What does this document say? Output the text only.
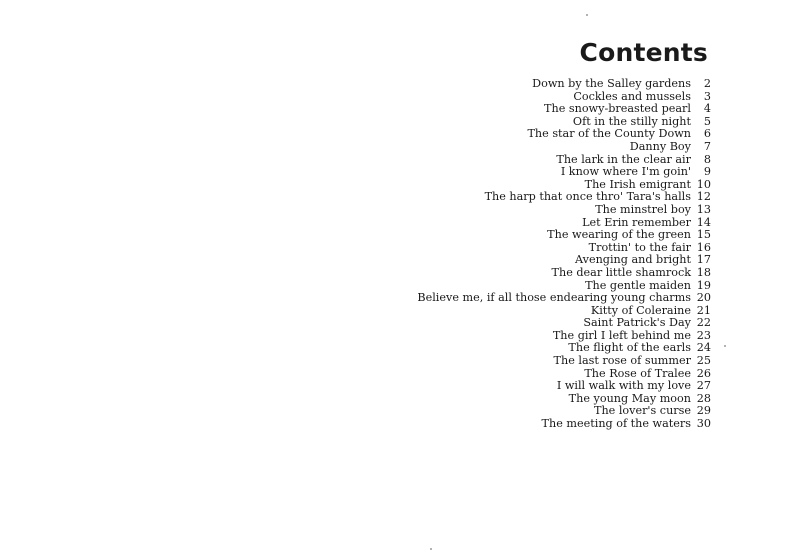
Contents
Down by the Salley gardens	2
Cockles and mussels	3
The snowy-breasted pearl	4
Oft in the stilly night	5
The star of the County Down	6
Danny Boy	7
The lark in the clear air	8
I know where I'm goin'	9
The Irish emigrant 10
The harp that once thro' Tara's halls 12
The minstrel boy 13
Let Erin remember 14
The wearing of the green 15
Trottin' to the fair 16
Avenging and bright 17
The dear little shamrock 18
The gentle maiden 19
Believe me, if all those endearing young charms 20
Kitty of Coleraine 21
Saint Patrick's Day 22
The girl I left behind me 23
The flight of the earls 24
The last rose of summer 25
The Rose of Tralee 26
I will walk with my love 27
The young May moon 28
The lover's curse 29
The meeting of the waters 30
